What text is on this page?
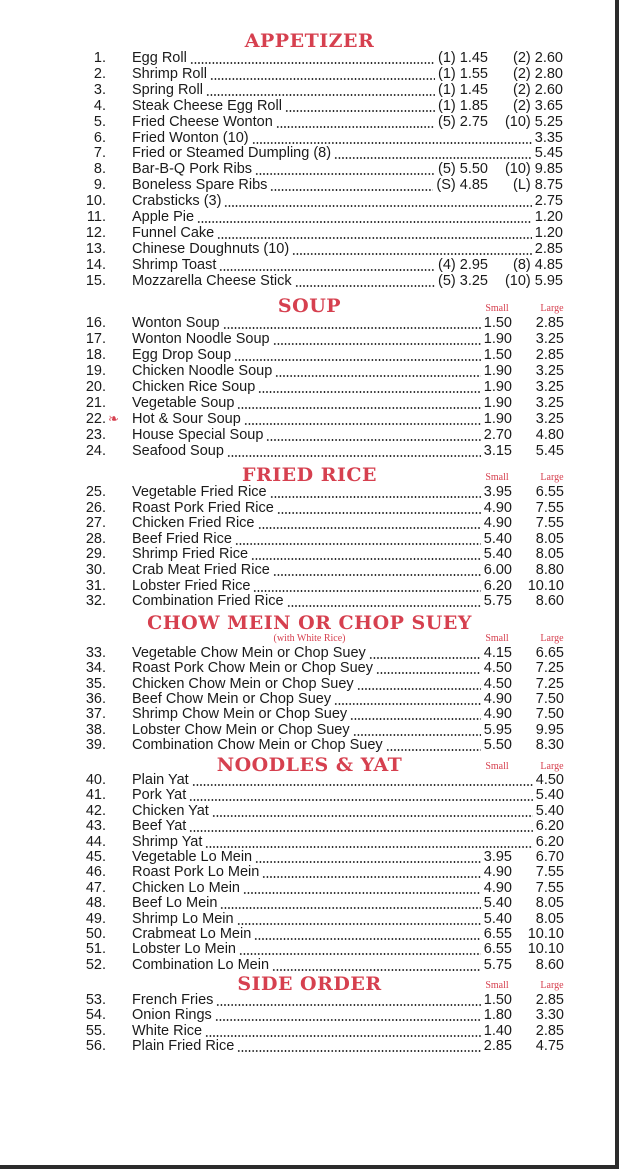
APPETIZER
1. Egg Roll	(1) 1.45 (2) 2.60
2. Shrimp Roll	(1) 1.55 (2) 2.80
3. Spring Roll	(1) 1.45 (2) 2.60
4. Steak Cheese Egg Roll	(1) 1.85 (2) 3.65
5. Fried Cheese Wonton	(5) 2.75 (10) 5.25
6. Fried Wonton (10)	3.35
7. Fried or Steamed Dumpling (8)	5.45
8. Bar-B-Q Pork Ribs	(5) 5.50 (10) 9.85
9. Boneless Spare Ribs	(S) 4.85 (L) 8.75
10. Crabsticks (3)	2.75
11. Apple Pie	1.20
12. Funnel Cake	1.20
13. Chinese Doughnuts (10)	2.85
14. Shrimp Toast	(4) 2.95 (8) 4.85
15. Mozzarella Cheese Stick	(5) 3.25 (10) 5.95
SOUP	Small	Large
16. Wonton Soup	1.50 2.85
17. Wonton Noodle Soup	1.90 3.25
18. Egg Drop Soup	1.50 2.85
19. Chicken Noodle Soup	1.90 3.25
20. Chicken Rice Soup	1.90 3.25
21. Vegetable Soup	1.90 3.25
22. ❧ Hot & Sour Soup	1.90 3.25
23. House Special Soup	2.70 4.80
24. Seafood Soup	3.15 5.45
FRIED RICE	Small	Large
25. Vegetable Fried Rice	3.95 6.55
26. Roast Pork Fried Rice	4.90 7.55
27. Chicken Fried Rice	4.90 7.55
28. Beef Fried Rice	5.40 8.05
29. Shrimp Fried Rice	5.40 8.05
30. Crab Meat Fried Rice	6.00 8.80
31. Lobster Fried Rice	6.20 10.10
32. Combination Fried Rice	5.75 8.60
CHOW MEIN OR CHOP SUEY
(with White Rice)	Small	Large
33. Vegetable Chow Mein or Chop Suey	4.15 6.65
34. Roast Pork Chow Mein or Chop Suey	4.50 7.25
35. Chicken Chow Mein or Chop Suey	4.50 7.25
36. Beef Chow Mein or Chop Suey	4.90 7.50
37. Shrimp Chow Mein or Chop Suey	4.90 7.50
38. Lobster Chow Mein or Chop Suey	5.95 9.95
39. Combination Chow Mein or Chop Suey	5.50 8.30
NOODLES & YAT	Small	Large
40. Plain Yat	4.50
41. Pork Yat	5.40
42. Chicken Yat	5.40
43. Beef Yat	6.20
44. Shrimp Yat	6.20
45. Vegetable Lo Mein	3.95 6.70
46. Roast Pork Lo Mein	4.90 7.55
47. Chicken Lo Mein	4.90 7.55
48. Beef Lo Mein	5.40 8.05
49. Shrimp Lo Mein	5.40 8.05
50. Crabmeat Lo Mein	6.55 10.10
51. Lobster Lo Mein	6.55 10.10
52. Combination Lo Mein	5.75 8.60
SIDE ORDER	Small	Large
53. French Fries	1.50 2.85
54. Onion Rings	1.80 3.30
55. White Rice	1.40 2.85
56. Plain Fried Rice	2.85 4.75
